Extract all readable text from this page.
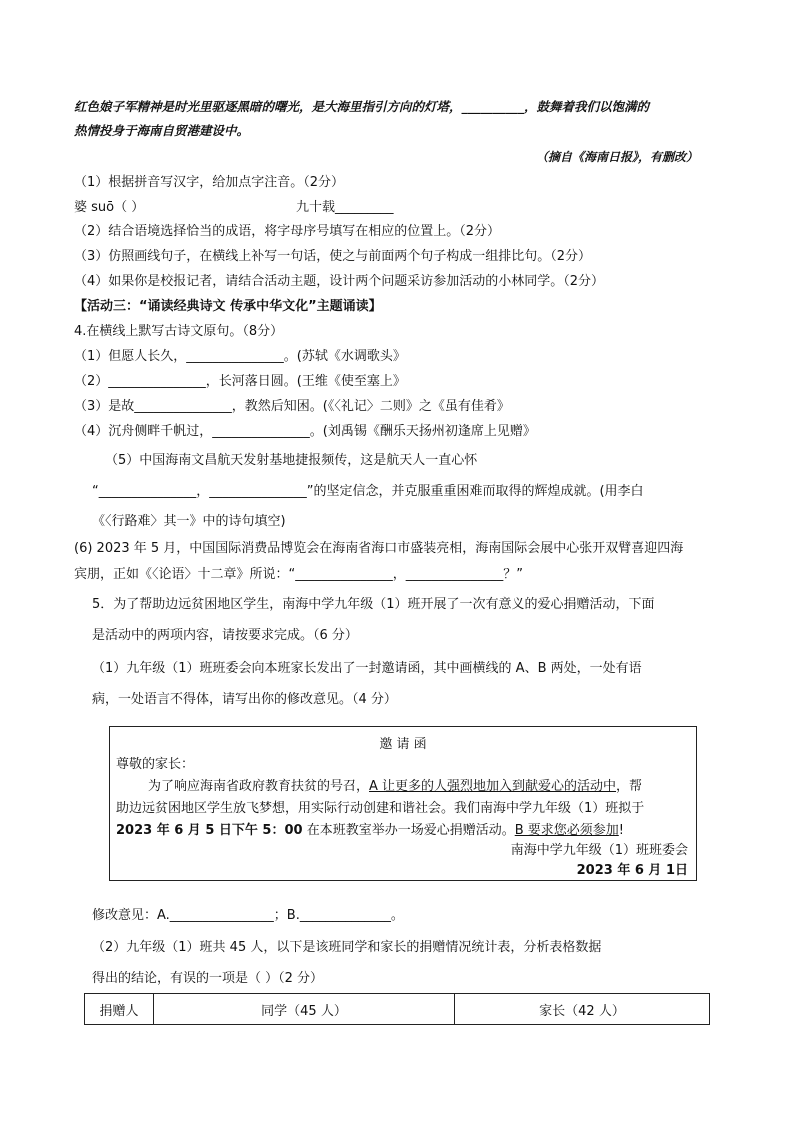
红色娘子军精神是时光里驱逐黑暗的曙光，是大海里指引方向的灯塔，__________，鼓舞着我们以饱满的
热情投身于海南自贸港建设中。
（摘自《海南日报》，有删改）
（1）根据拼音写汉字，给加点字注音。（2分）
婆 suō（ ）	九十载_________
（2）结合语境选择恰当的成语，将字母序号填写在相应的位置上。（2分）
（3）仿照画线句子，在横线上补写一句话，使之与前面两个句子构成一组排比句。（2分）
（4）如果你是校报记者，请结合活动主题，设计两个问题采访参加活动的小林同学。（2分）
【活动三：“诵读经典诗文 传承中华文化”主题诵读】
4.在横线上默写古诗文原句。（8分）
（1）但愿人长久，_______________。(苏轼《水调歌头》
（2）_______________，长河落日圆。(王维《使至塞上》
（3）是故_______________，教然后知困。(《〈礼记〉二则》之《虽有佳肴》
（4）沉舟侧畔千帆过，_______________。(刘禹锡《酬乐天扬州初逢席上见赠》
（5）中国海南文昌航天发射基地捷报频传，这是航天人一直心怀
“_______________，_______________”的坚定信念，并克服重重困难而取得的辉煌成就。(用李白
《〈行路难〉其一》中的诗句填空)
(6) 2023 年 5 月，中国国际消费品博览会在海南省海口市盛装亮相，海南国际会展中心张开双臂喜迎四海
宾朋，正如《〈论语〉十二章》所说：“_______________，_______________？”
5．为了帮助边远贫困地区学生，南海中学九年级（1）班开展了一次有意义的爱心捐赠活动，下面
是活动中的两项内容，请按要求完成。（6 分）
（1）九年级（1）班班委会向本班家长发出了一封邀请函，其中画横线的 A、B 两处，一处有语
病，一处语言不得体，请写出你的修改意见。（4 分）
邀 请 函
尊敬的家长：
为了响应海南省政府教育扶贫的号召，A 让更多的人强烈地加入到献爱心的活动中，帮
助边远贫困地区学生放飞梦想，用实际行动创建和谐社会。我们南海中学九年级（1）班拟于
2023 年 6 月 5 日下午 5：00 在本班教室举办一场爱心捐赠活动。B 要求您必须参加!
南海中学九年级（1）班班委会
2023 年 6 月 1日
修改意见：A.________________；B.______________。
（2）九年级（1）班共 45 人，以下是该班同学和家长的捐赠情况统计表，分析表格数据
得出的结论，有误的一项是（ ）（2 分）
捐赠人	同学（45 人）	家长（42 人）
